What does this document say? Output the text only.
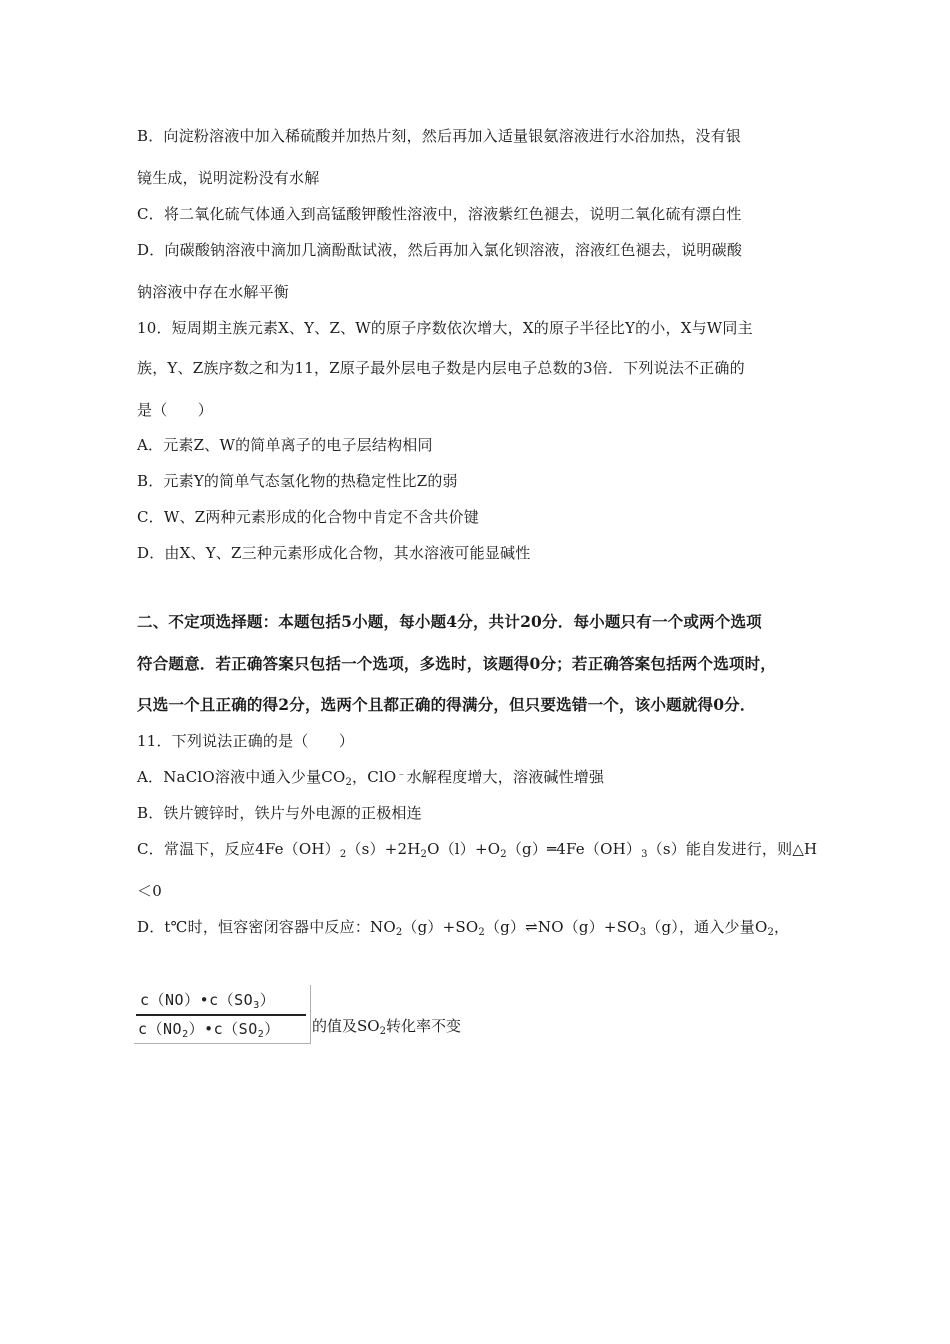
B．向淀粉溶液中加入稀硫酸并加热片刻，然后再加入适量银氨溶液进行水浴加热，没有银
镜生成，说明淀粉没有水解
C．将二氧化硫气体通入到高锰酸钾酸性溶液中，溶液紫红色褪去，说明二氧化硫有漂白性
D．向碳酸钠溶液中滴加几滴酚酞试液，然后再加入氯化钡溶液，溶液红色褪去，说明碳酸
钠溶液中存在水解平衡
10．短周期主族元素X、Y、Z、W的原子序数依次增大，X的原子半径比Y的小，X与W同主
族，Y、Z族序数之和为11，Z原子最外层电子数是内层电子总数的3倍．下列说法不正确的
是（　　）
A．元素Z、W的简单离子的电子层结构相同
B．元素Y的简单气态氢化物的热稳定性比Z的弱
C．W、Z两种元素形成的化合物中肯定不含共价键
D．由X、Y、Z三种元素形成化合物，其水溶液可能显碱性
二、不定项选择题：本题包括5小题，每小题4分，共计20分．每小题只有一个或两个选项
符合题意．若正确答案只包括一个选项，多选时，该题得0分；若正确答案包括两个选项时，
只选一个且正确的得2分，选两个且都正确的得满分，但只要选错一个，该小题就得0分．
11．下列说法正确的是（　　）
A．NaClO溶液中通入少量$CO_2$，ClO﹣水解程度增大，溶液碱性增强
B．铁片镀锌时，铁片与外电源的正极相连
C．常温下，反应$4Fe(OH)_2(s)+2H_2O(l)+O_2(g)═4Fe(OH)_3(s)$能自发进行，则△H
＜0
D．t℃时，恒容密闭容器中反应：$NO_2(g)+SO_2(g)\rightleftharpoons NO(g)+SO_3(g)$，通入少量$O_2$，
$c(NO)•c(SO_3)$
$c(NO_2)•c(SO_2)$ 的值及$SO_2$转化率不变
